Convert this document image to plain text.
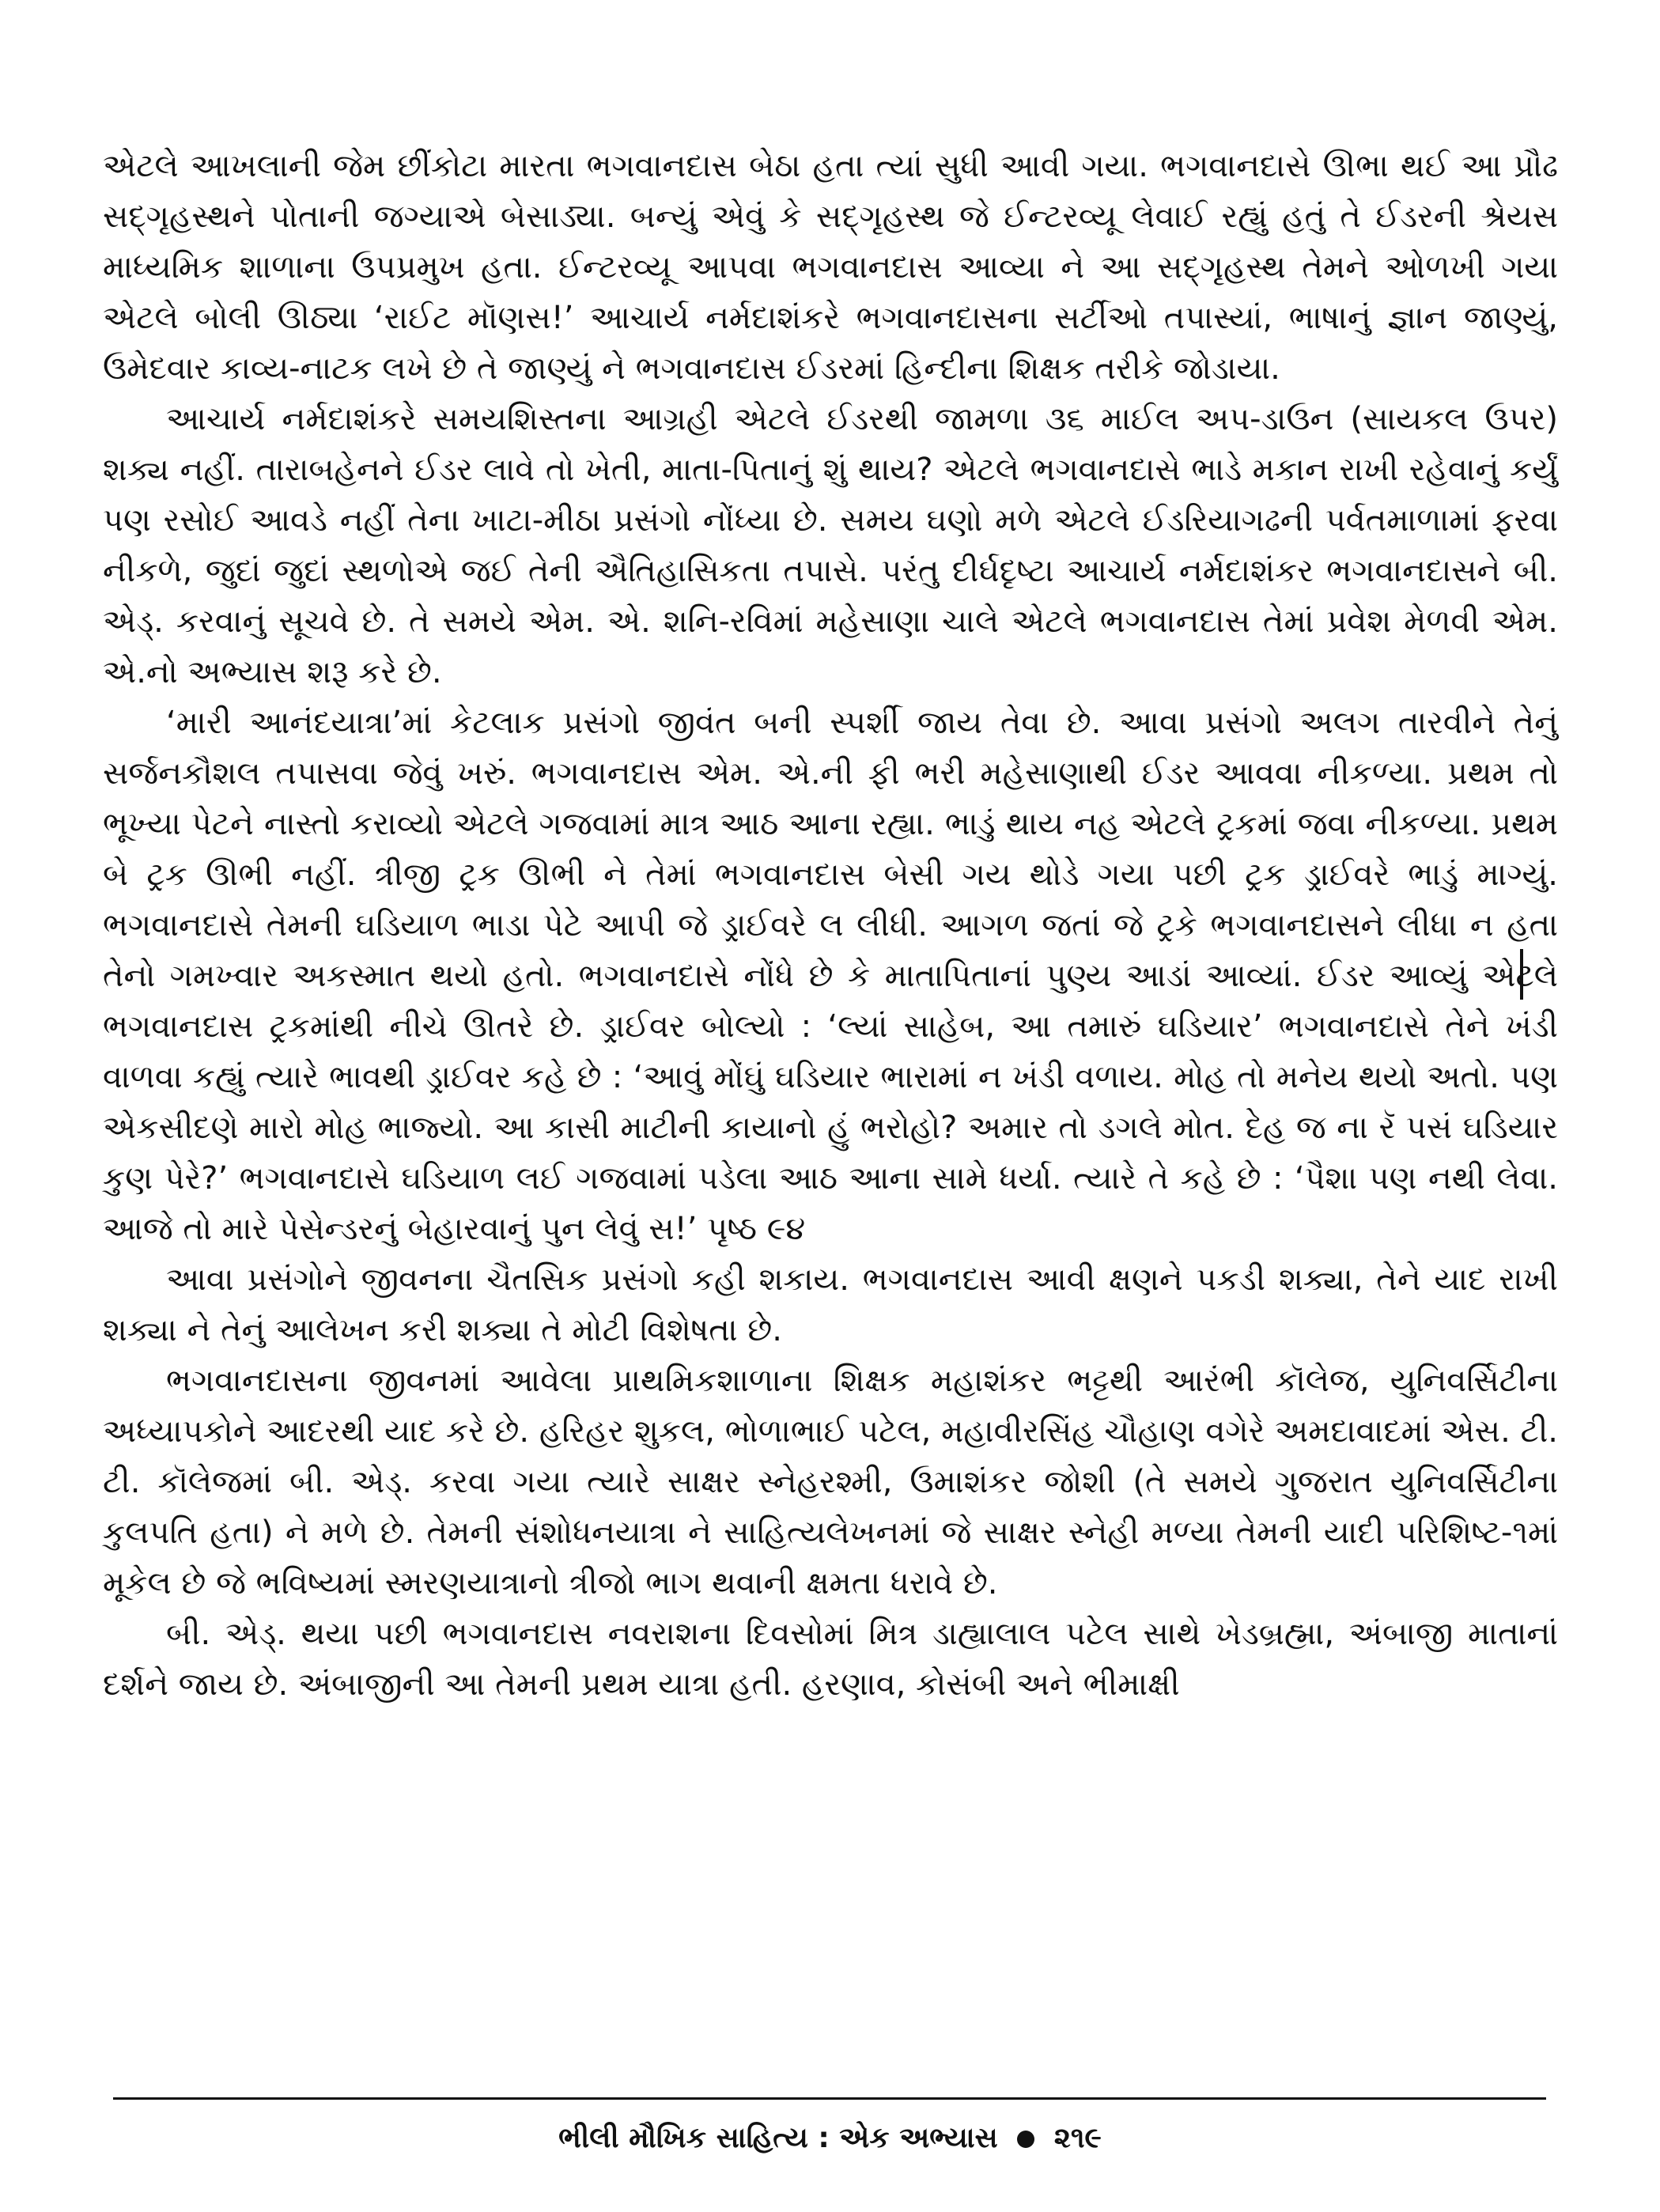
એટલે આખલાની જેમ છીંકોટા મારતા ભગવાનદાસ બેઠા હતા ત્યાં સુધી આવી ગયા. ભગવાનદાસે ઊભા થઈ આ પ્રૌઢ સદ્‌ગૃહસ્થને પોતાની જગ્યાએ બેસાડ્યા. બન્યું એવું કે સદ્‌ગૃહસ્થ જે ઈન્ટરવ્યૂ લેવાઈ રહ્યું હતું તે ઈડરની શ્રેયસ માધ્યમિક શાળાના ઉપપ્રમુખ હતા. ઈન્ટરવ્યૂ આપવા ભગવાનદાસ આવ્યા ને આ સદ્‌ગૃહસ્થ તેમને ઓળખી ગયા એટલે બોલી ઊઠ્યા ‘રાઈટ મૉણસ!’ આચાર્ય નર્મદાશંકરે ભગવાનદાસના સર્ટીઓ તપાસ્યાં, ભાષાનું જ્ઞાન જાણ્યું, ઉમેદવાર કાવ્ય-નાટક લખે છે તે જાણ્યું ને ભગવાનદાસ ઈડરમાં હિન્દીના શિક્ષક તરીકે જોડાયા.

આચાર્ય નર્મદાશંકરે સમયશિસ્તના આગ્રહી એટલે ઈડરથી જામળા ૩૬ માઈલ અપ-ડાઉન (સાયકલ ઉપર) શક્ય નહીં. તારાબહેનને ઈડર લાવે તો ખેતી, માતા-પિતાનું શું થાય? એટલે ભગવાનદાસે ભાડે મકાન રાખી રહેવાનું કર્યું પણ રસોઈ આવડે નહીં તેના ખાટા-મીઠા પ્રસંગો નોંધ્યા છે. સમય ઘણો મળે એટલે ઈડરિયાગઢની પર્વતમાળામાં ફરવા નીકળે, જુદાં જુદાં સ્થળોએ જઈ તેની ઐતિહાસિકતા તપાસે. પરંતુ દીર્ઘદૃષ્ટા આચાર્ય નર્મદાશંકર ભગવાનદાસને બી. એડ્‌. કરવાનું સૂચવે છે. તે સમયે એમ. એ. શનિ-રવિમાં મહેસાણા ચાલે એટલે ભગવાનદાસ તેમાં પ્રવેશ મેળવી એમ. એ.નો અભ્યાસ શરૂ કરે છે.

‘મારી આનંદયાત્રા’માં કેટલાક પ્રસંગો જીવંત બની સ્પર્શી જાય તેવા છે. આવા પ્રસંગો અલગ તારવીને તેનું સર્જનકૌશલ તપાસવા જેવું ખરું. ભગવાનદાસ એમ. એ.ની ફી ભરી મહેસાણાથી ઈડર આવવા નીકળ્યા. પ્રથમ તો ભૂખ્યા પેટને નાસ્તો કરાવ્યો એટલે ગજવામાં માત્ર આઠ આના રહ્યા. ભાડું થાય નહ એટલે ટ્રકમાં જવા નીકળ્યા. પ્રથમ બે ટ્રક ઊભી નહીં. ત્રીજી ટ્રક ઊભી ને તેમાં ભગવાનદાસ બેસી ગય થોડે ગયા પછી ટ્રક ડ્રાઈવરે ભાડું માગ્યું. ભગવાનદાસે તેમની ઘડિયાળ ભાડા પેટે આપી જે ડ્રાઈવરે લ લીધી. આગળ જતાં જે ટ્રકે ભગવાનદાસને લીધા ન હતા તેનો ગમખ્વાર અકસ્માત થયો હતો. ભગવાનદાસે નોંધે છે કે માતાપિતાનાં પુણ્ય આડાં આવ્યાં. ઈડર આવ્યું એટલે ભગવાનદાસ ટ્રકમાંથી નીચે ઊતરે છે. ડ્રાઈવર બોલ્યો : ‘લ્યાં સાહેબ, આ તમારું ઘડિયાર’ ભગવાનદાસે તેને ખંડી વાળવા કહ્યું ત્યારે ભાવથી ડ્રાઈવર કહે છે : ‘આવું મોંઘું ઘડિયાર ભારામાં ન ખંડી વળાય. મોહ તો મનેય થયો અતો. પણ એકસીદણે મારો મોહ ભાજ્યો. આ કાસી માટીની કાયાનો હું ભરોહો? અમાર તો ડગલે મોત. દેહ જ ના રૅ પસં ઘડિયાર કુણ પેરે?’ ભગવાનદાસે ઘડિયાળ લઈ ગજવામાં પડેલા આઠ આના સામે ધર્યા. ત્યારે તે કહે છે : ‘પૈશા પણ નથી લેવા. આજે તો મારે પેસેન્ડરનું બેહારવાનું પુન લેવું સ!’ પૃષ્ઠ ૯૪

આવા પ્રસંગોને જીવનના ચૈતસિક પ્રસંગો કહી શકાય. ભગવાનદાસ આવી ક્ષણને પકડી શક્યા, તેને યાદ રાખી શક્યા ને તેનું આલેખન કરી શક્યા તે મોટી વિશેષતા છે.

ભગવાનદાસના જીવનમાં આવેલા પ્રાથમિકશાળાના શિક્ષક મહાશંકર ભટ્ટથી આરંભી કૉલેજ, યુનિવર્સિટીના અધ્યાપકોને આદરથી યાદ કરે છે. હરિહર શુકલ, ભોળાભાઈ પટેલ, મહાવીરસિંહ ચૌહાણ વગેરે અમદાવાદમાં એસ. ટી. ટી. કૉલેજમાં બી. એડ્‌. કરવા ગયા ત્યારે સાક્ષર સ્નેહરશ્મી, ઉમાશંકર જોશી (તે સમયે ગુજરાત યુનિવર્સિટીના કુલપતિ હતા) ને મળે છે. તેમની સંશોધનયાત્રા ને સાહિત્યલેખનમાં જે સાક્ષર સ્નેહી મળ્યા તેમની યાદી પરિશિષ્ટ-૧માં મૂકેલ છે જે ભવિષ્યમાં સ્મરણયાત્રાનો ત્રીજો ભાગ થવાની ક્ષમતા ધરાવે છે.

બી. એડ્‌. થયા પછી ભગવાનદાસ નવરાશના દિવસોમાં મિત્ર ડાહ્યાલાલ પટેલ સાથે ખેડબ્રહ્મા, અંબાજી માતાનાં દર્શને જાય છે. અંબાજીની આ તેમની પ્રથમ યાત્રા હતી. હરણાવ, કોસંબી અને ભીમાક્ષી

ભીલી મૌખિક સાહિત્ય : એક અભ્યાસ ૨૧૯
